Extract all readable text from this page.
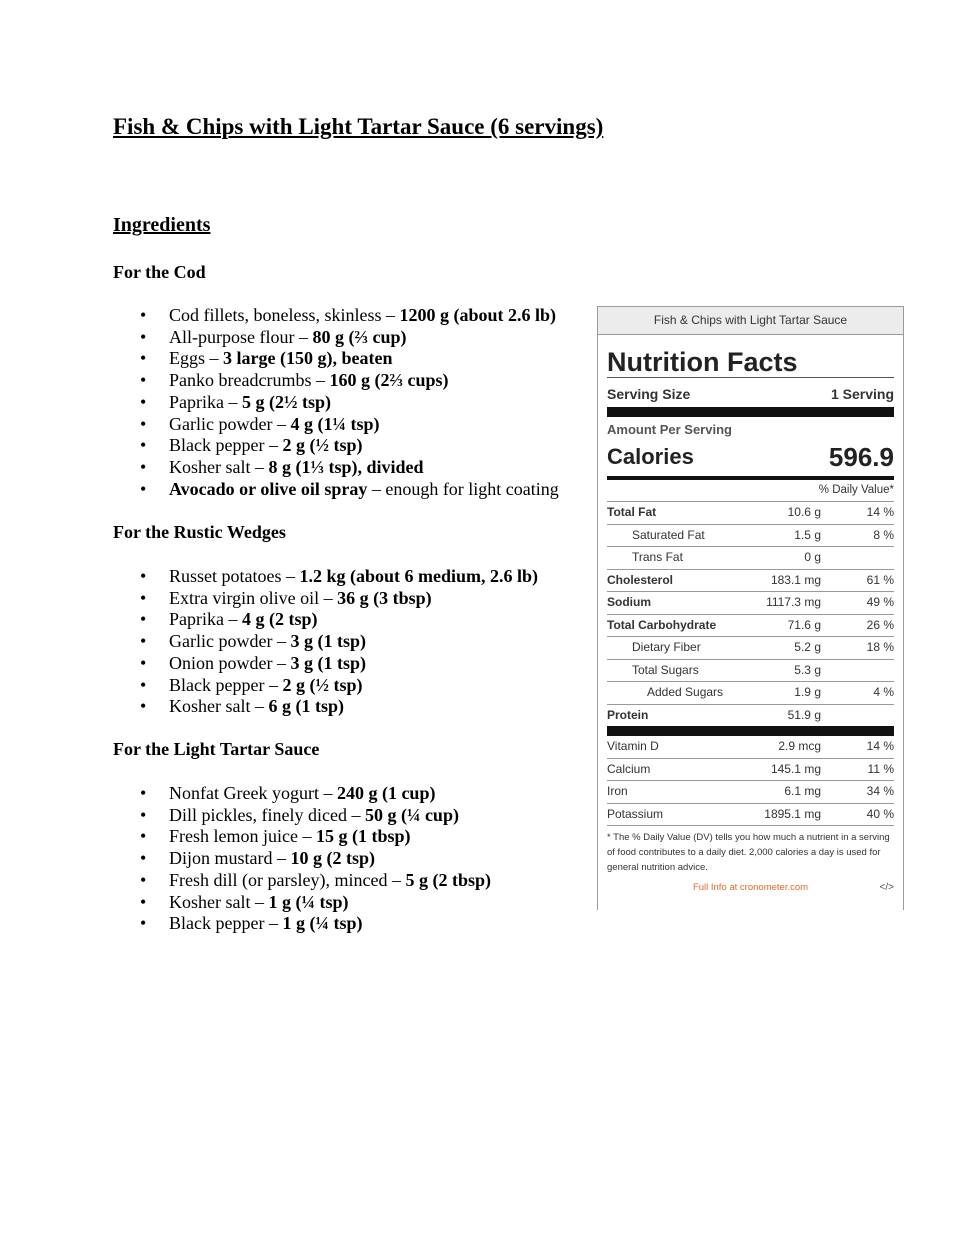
Fish & Chips with Light Tartar Sauce (6 servings)
Ingredients
For the Cod
• Cod fillets, boneless, skinless – 1200 g (about 2.6 lb)
• All-purpose flour – 80 g (⅔ cup)
• Eggs – 3 large (150 g), beaten
• Panko breadcrumbs – 160 g (2⅔ cups)
• Paprika – 5 g (2½ tsp)
• Garlic powder – 4 g (1¼ tsp)
• Black pepper – 2 g (½ tsp)
• Kosher salt – 8 g (1⅓ tsp), divided
• Avocado or olive oil spray – enough for light coating
For the Rustic Wedges
• Russet potatoes – 1.2 kg (about 6 medium, 2.6 lb)
• Extra virgin olive oil – 36 g (3 tbsp)
• Paprika – 4 g (2 tsp)
• Garlic powder – 3 g (1 tsp)
• Onion powder – 3 g (1 tsp)
• Black pepper – 2 g (½ tsp)
• Kosher salt – 6 g (1 tsp)
For the Light Tartar Sauce
• Nonfat Greek yogurt – 240 g (1 cup)
• Dill pickles, finely diced – 50 g (¼ cup)
• Fresh lemon juice – 15 g (1 tbsp)
• Dijon mustard – 10 g (2 tsp)
• Fresh dill (or parsley), minced – 5 g (2 tbsp)
• Kosher salt – 1 g (¼ tsp)
• Black pepper – 1 g (¼ tsp)
Fish & Chips with Light Tartar Sauce
Nutrition Facts
Serving Size	1 Serving
Amount Per Serving
Calories	596.9
% Daily Value*
Total Fat	10.6 g	14 %
Saturated Fat	1.5 g	8 %
Trans Fat	0 g
Cholesterol	183.1 mg	61 %
Sodium	1117.3 mg	49 %
Total Carbohydrate	71.6 g	26 %
Dietary Fiber	5.2 g	18 %
Total Sugars	5.3 g
Added Sugars	1.9 g	4 %
Protein	51.9 g
Vitamin D	2.9 mcg	14 %
Calcium	145.1 mg	11 %
Iron	6.1 mg	34 %
Potassium	1895.1 mg	40 %
* The % Daily Value (DV) tells you how much a nutrient in a serving of food contributes to a daily diet. 2,000 calories a day is used for general nutrition advice.
Full Info at cronometer.com	</>
